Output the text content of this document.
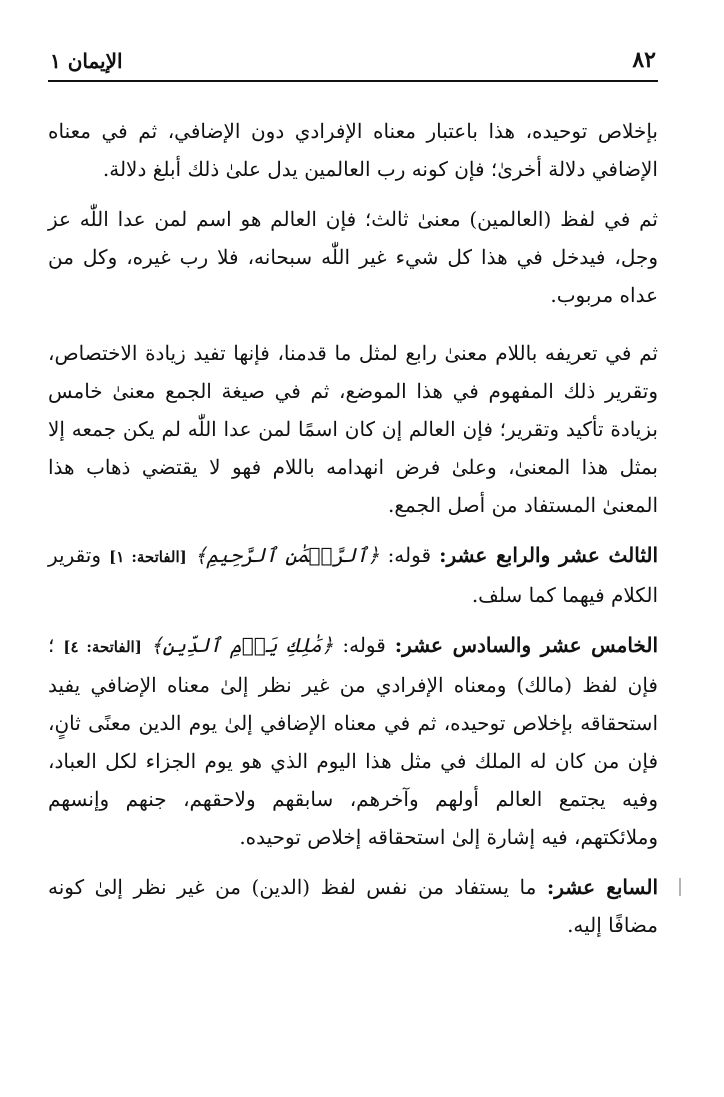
٨٢
الإيمان ١

بإخلاص توحيده، هذا باعتبار معناه الإفرادي دون الإضافي، ثم في معناه الإضافي دلالة أخرىٰ؛ فإن كونه رب العالمين يدل علىٰ ذلك أبلغ دلالة.

ثم في لفظ (العالمين) معنىٰ ثالث؛ فإن العالم هو اسم لمن عدا اللّٰه عز وجل، فيدخل في هذا كل شيء غير اللّٰه سبحانه، فلا رب غيره، وكل من عداه مربوب.

ثم في تعريفه باللام معنىٰ رابع لمثل ما قدمنا، فإنها تفيد زيادة الاختصاص، وتقرير ذلك المفهوم في هذا الموضع، ثم في صيغة الجمع معنىٰ خامس بزيادة تأكيد وتقرير؛ فإن العالم إن كان اسمًا لمن عدا اللّٰه لم يكن جمعه إلا بمثل هذا المعنىٰ، وعلىٰ فرض انهدامه باللام فهو لا يقتضي ذهاب هذا المعنىٰ المستفاد من أصل الجمع.

الثالث عشر والرابع عشر: قوله: ﴿ٱلرَّحۡمَٰنِ ٱلرَّحِيمِ﴾ [الفاتحة: ١] وتقرير الكلام فيهما كما سلف.

الخامس عشر والسادس عشر: قوله: ﴿مَٰلِكِ يَوۡمِ ٱلدِّينِ﴾ [الفاتحة: ٤] ؛ فإن لفظ (مالك) ومعناه الإفرادي من غير نظر إلىٰ معناه الإضافي يفيد استحقاقه بإخلاص توحيده، ثم في معناه الإضافي إلىٰ يوم الدين معنًى ثانٍ، فإن من كان له الملك في مثل هذا اليوم الذي هو يوم الجزاء لكل العباد، وفيه يجتمع العالم أولهم وآخرهم، سابقهم ولاحقهم، جنهم وإنسهم وملائكتهم، فيه إشارة إلىٰ استحقاقه إخلاص توحيده.

السابع عشر: ما يستفاد من نفس لفظ (الدين) من غير نظر إلىٰ كونه مضافًا إليه.
